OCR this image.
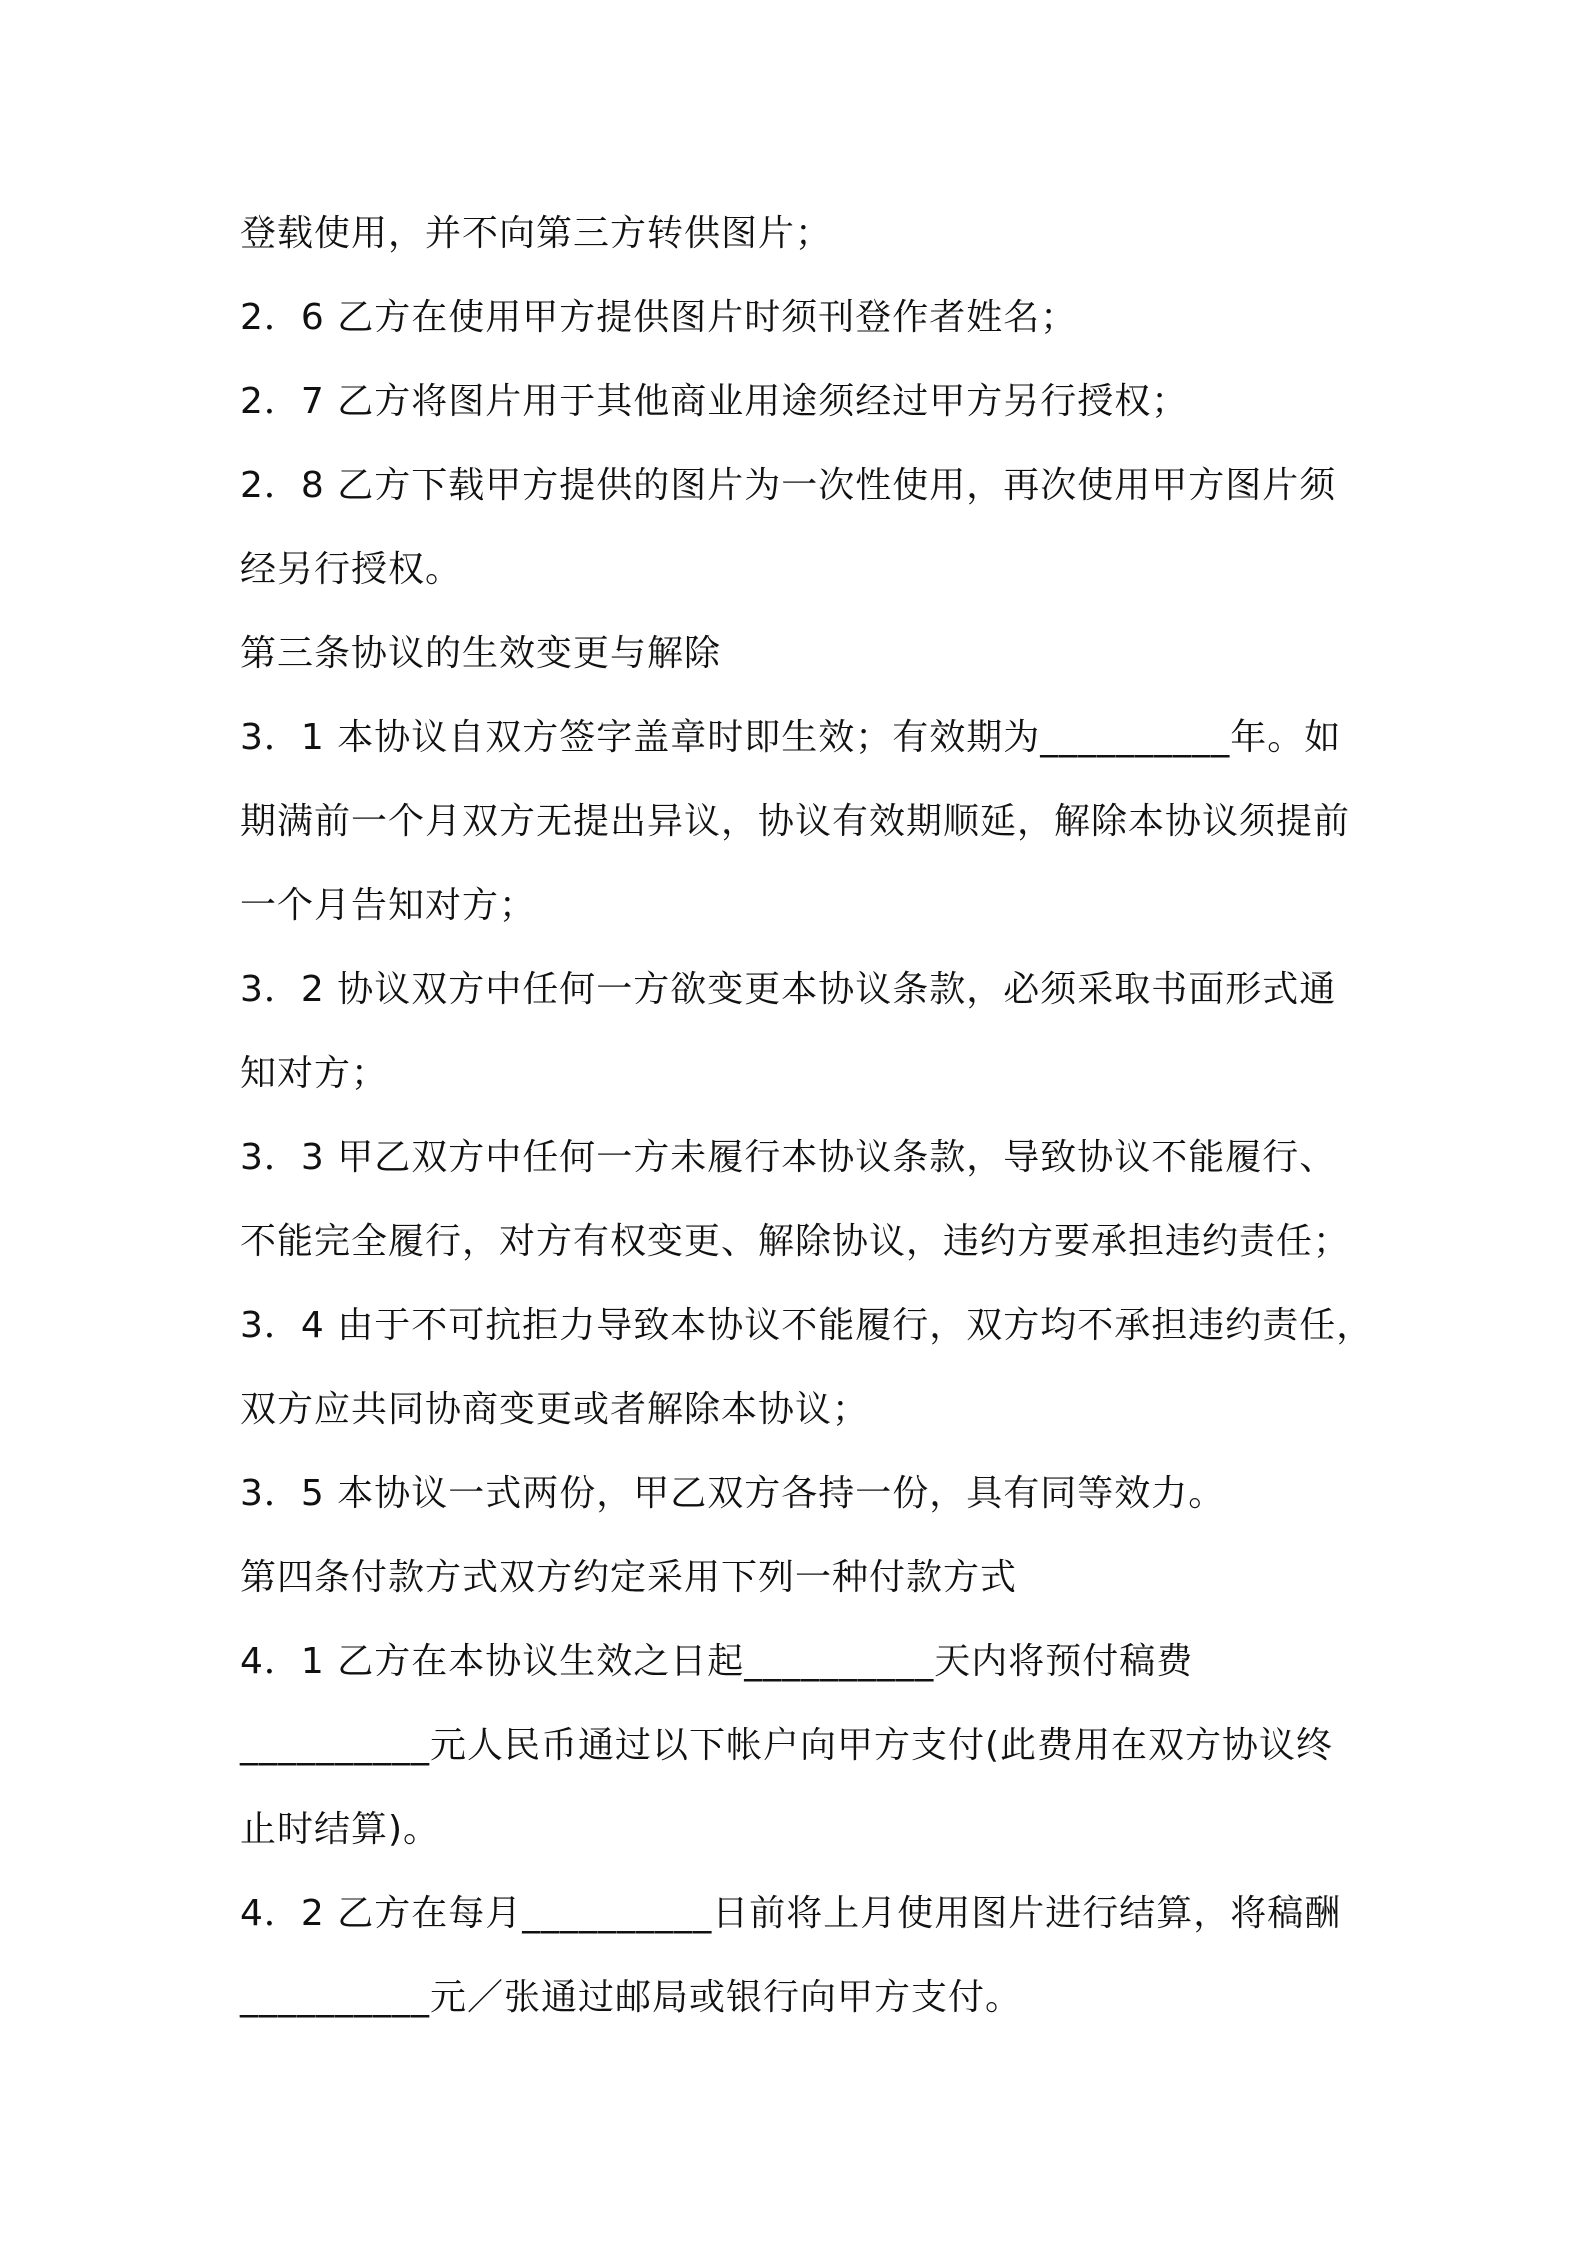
登载使用，并不向第三方转供图片；
2．6 乙方在使用甲方提供图片时须刊登作者姓名；
2．7 乙方将图片用于其他商业用途须经过甲方另行授权；
2．8 乙方下载甲方提供的图片为一次性使用，再次使用甲方图片须
经另行授权。
第三条协议的生效变更与解除
3．1 本协议自双方签字盖章时即生效；有效期为__________年。如
期满前一个月双方无提出异议，协议有效期顺延，解除本协议须提前
一个月告知对方；
3．2 协议双方中任何一方欲变更本协议条款，必须采取书面形式通
知对方；
3．3 甲乙双方中任何一方未履行本协议条款，导致协议不能履行、
不能完全履行，对方有权变更、解除协议，违约方要承担违约责任；
3．4 由于不可抗拒力导致本协议不能履行，双方均不承担违约责任，
双方应共同协商变更或者解除本协议；
3．5 本协议一式两份，甲乙双方各持一份，具有同等效力。
第四条付款方式双方约定采用下列一种付款方式
4．1 乙方在本协议生效之日起__________天内将预付稿费
__________元人民币通过以下帐户向甲方支付(此费用在双方协议终
止时结算)。
4．2 乙方在每月__________日前将上月使用图片进行结算，将稿酬
__________元／张通过邮局或银行向甲方支付。
